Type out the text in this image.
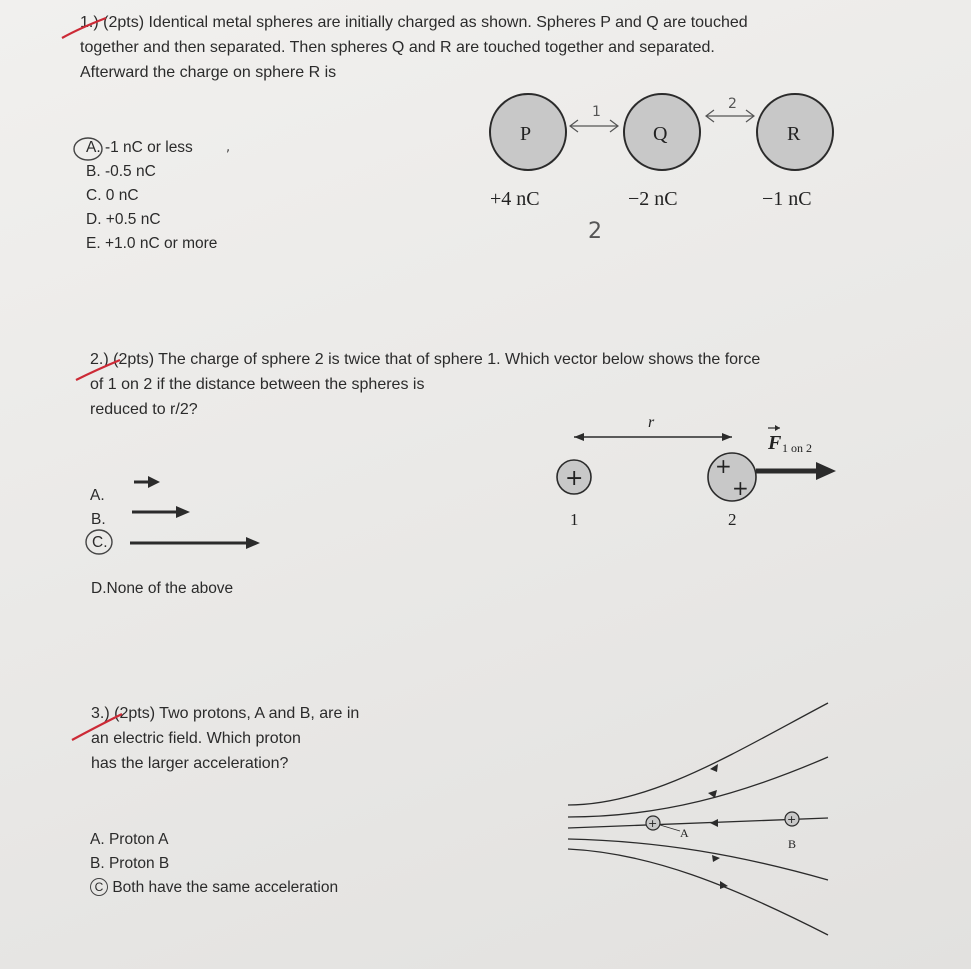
1.) (2pts) Identical metal spheres are initially charged as shown. Spheres P and Q are touched

together and then separated. Then spheres Q and R are touched together and separated.

Afterward the charge on sphere R is

A. -1 nC or less
B. -0.5 nC
C. 0 nC
D. +0.5 nC
E. +1.0 nC or more
,
P	Q	R
1	2
+4 nC	−2 nC	−1 nC
2

2.) (2pts) The charge of sphere 2 is twice that of sphere 1. Which vector below shows the force

of 1 on 2 if the distance between the spheres is

reduced to r/2?

A.
B.
C.
D.None of the above
r
+	+
+
F 1 on 2
1	2

3.) (2pts) Two protons, A and B, are in

an electric field. Which proton

has the larger acceleration?

A. Proton A
B. Proton B
C Both have the same acceleration
+
A
+
B
